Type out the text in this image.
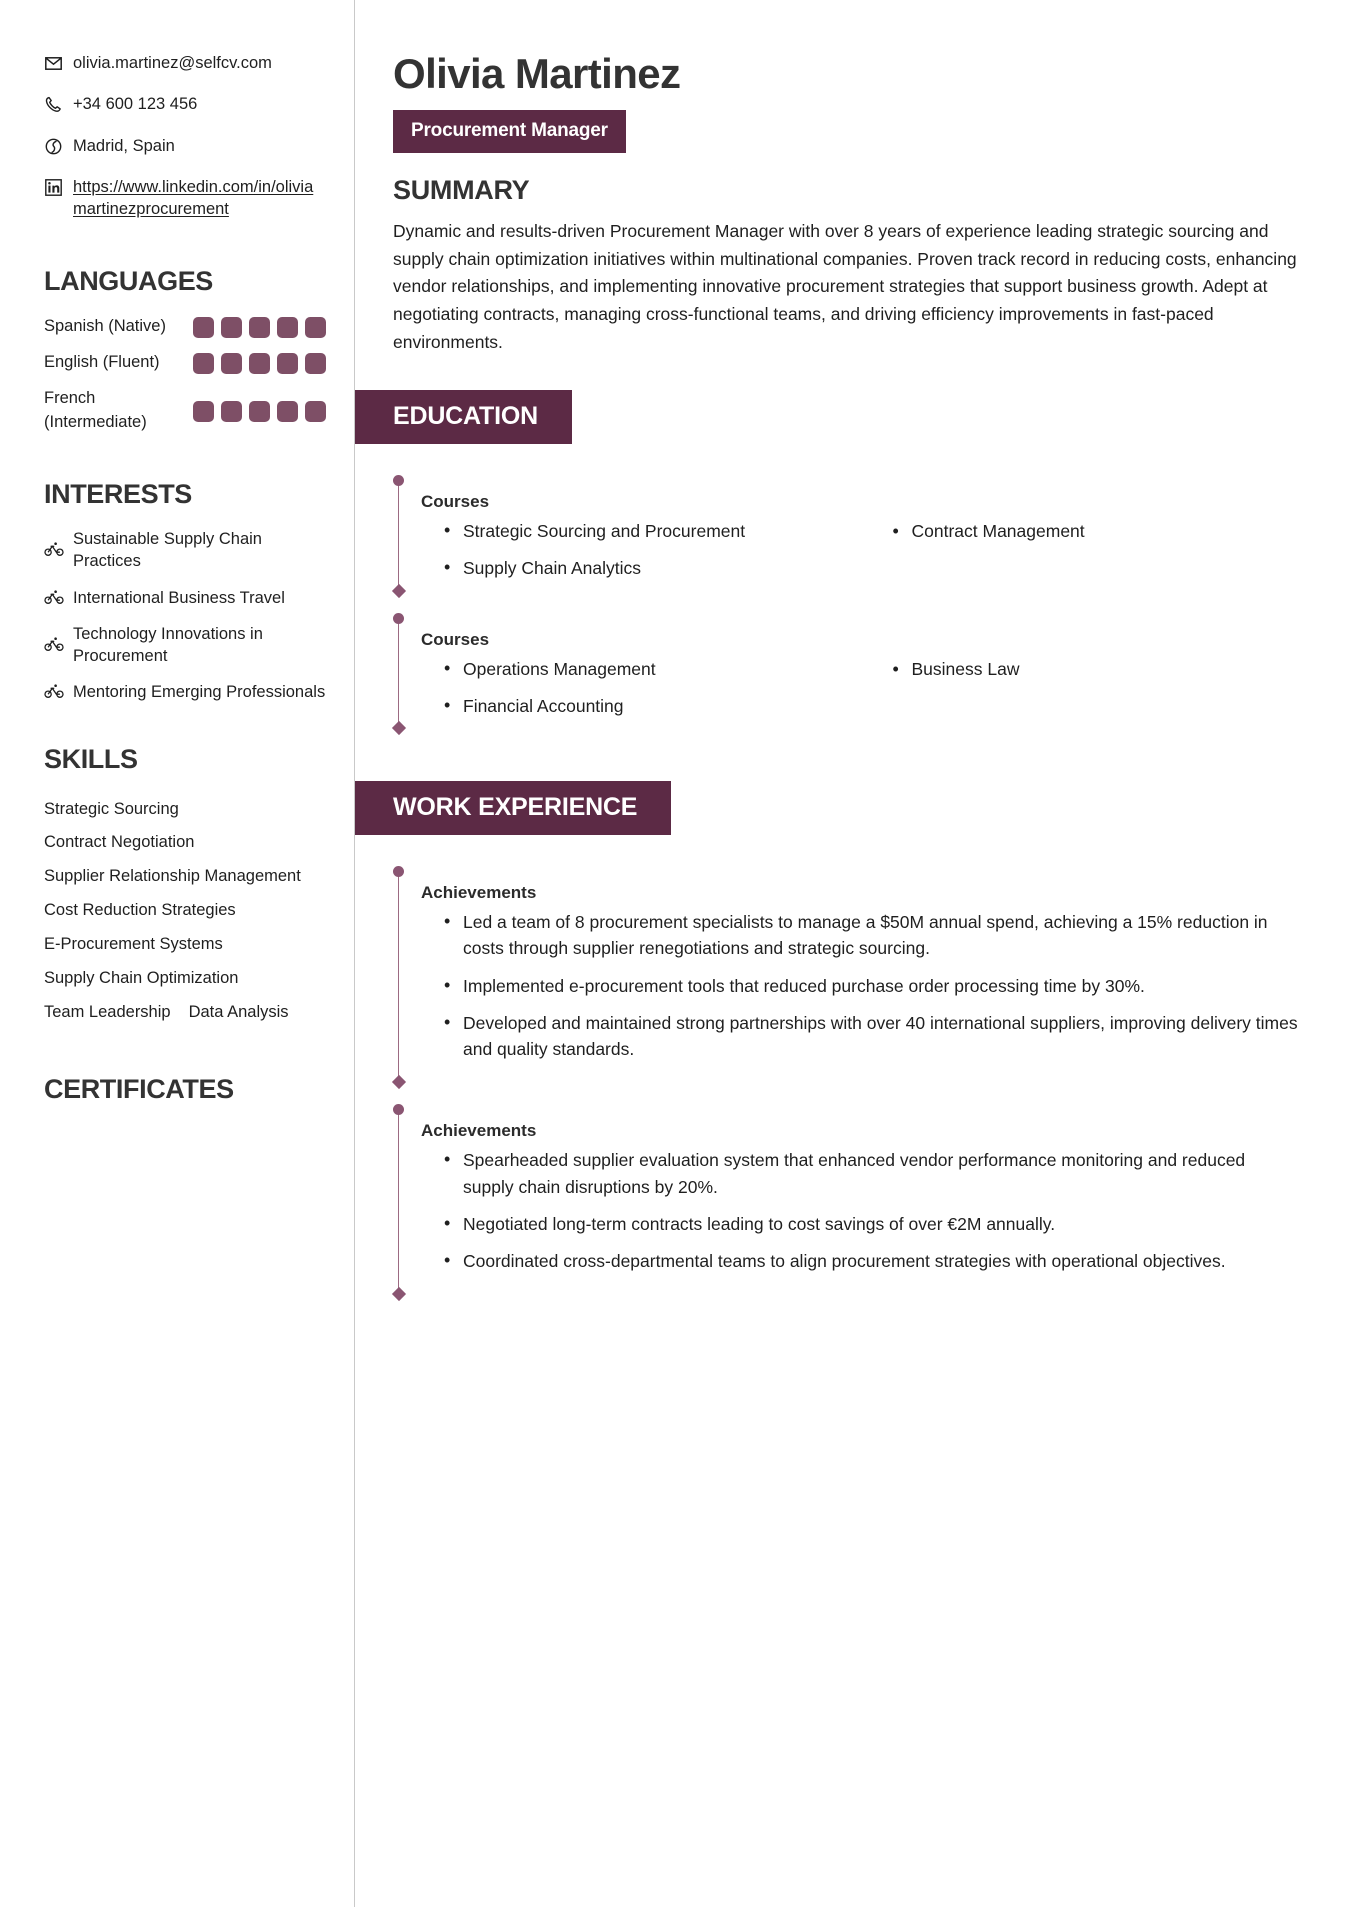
olivia.martinez@selfcv.com
+34 600 123 456
Madrid, Spain
https://www.linkedin.com/in/oliviamartinezprocurement
LANGUAGES
Spanish (Native)
English (Fluent)
French (Intermediate)
INTERESTS
Sustainable Supply Chain Practices
International Business Travel
Technology Innovations in Procurement
Mentoring Emerging Professionals
SKILLS
Strategic Sourcing
Contract Negotiation
Supplier Relationship Management
Cost Reduction Strategies
E-Procurement Systems
Supply Chain Optimization
Team Leadership Data Analysis
CERTIFICATES
Olivia Martinez
Procurement Manager
SUMMARY

Dynamic and results-driven Procurement Manager with over 8 years of experience leading strategic sourcing and supply chain optimization initiatives within multinational companies. Proven track record in reducing costs, enhancing vendor relationships, and implementing innovative procurement strategies that support business growth. Adept at negotiating contracts, managing cross-functional teams, and driving efficiency improvements in fast-paced environments.

EDUCATION
Courses
• Strategic Sourcing and Procurement
• Supply Chain Analytics
• Contract Management
Courses
• Operations Management
• Financial Accounting
• Business Law
WORK EXPERIENCE
Achievements
• Led a team of 8 procurement specialists to manage a $50M annual spend, achieving a 15% reduction in costs through supplier renegotiations and strategic sourcing.
• Implemented e-procurement tools that reduced purchase order processing time by 30%.
• Developed and maintained strong partnerships with over 40 international suppliers, improving delivery times and quality standards.
Achievements
• Spearheaded supplier evaluation system that enhanced vendor performance monitoring and reduced supply chain disruptions by 20%.
• Negotiated long-term contracts leading to cost savings of over €2M annually.
• Coordinated cross-departmental teams to align procurement strategies with operational objectives.
